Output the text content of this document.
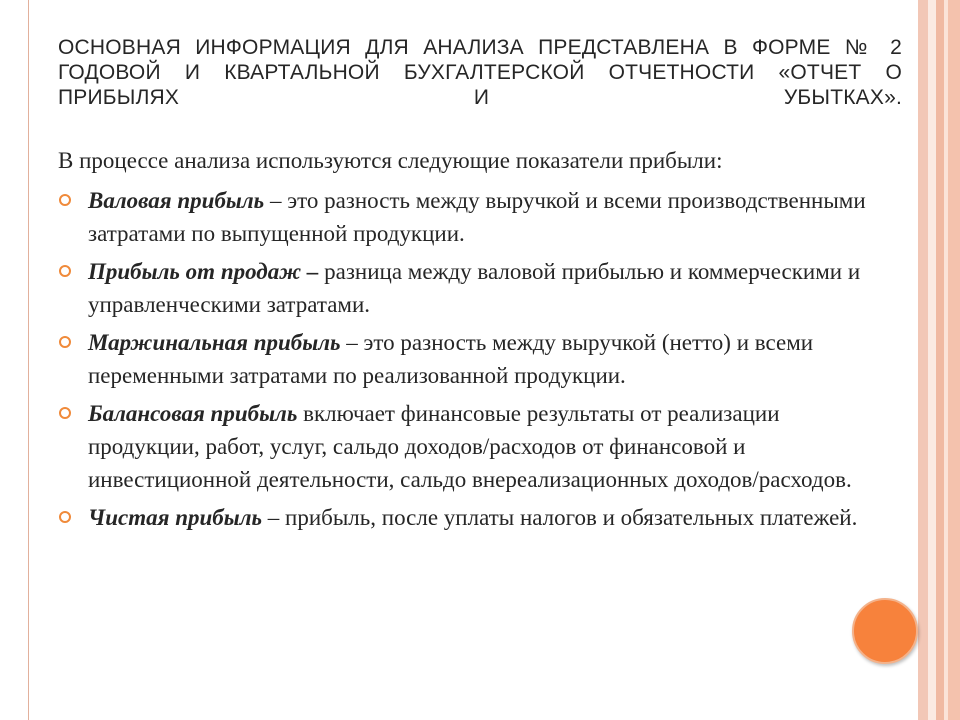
ОСНОВНАЯ ИНФОРМАЦИЯ ДЛЯ АНАЛИЗА ПРЕДСТАВЛЕНА В ФОРМЕ № 2
ГОДОВОЙ И КВАРТАЛЬНОЙ БУХГАЛТЕРСКОЙ ОТЧЕТНОСТИ «ОТЧЕТ О
ПРИБЫЛЯХ И УБЫТКАХ».
В процессе анализа используются следующие показатели прибыли:
Валовая прибыль – это разность между выручкой и всеми производственными затратами по выпущенной продукции.
Прибыль от продаж – разница между валовой прибылью и коммерческими и управленческими затратами.
Маржинальная прибыль – это разность между выручкой (нетто) и всеми переменными затратами по реализованной продукции.
Балансовая прибыль включает финансовые результаты от реализации продукции, работ, услуг, сальдо доходов/расходов от финансовой и инвестиционной деятельности, сальдо внереализационных доходов/расходов.
Чистая прибыль – прибыль, после уплаты налогов и обязательных платежей.
